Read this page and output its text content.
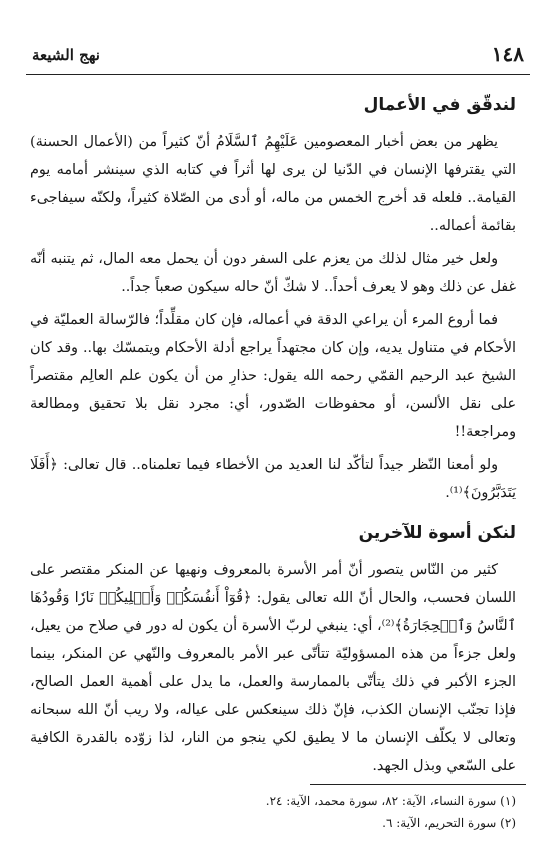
١٤٨
نهج الشيعة
لندقّق في الأعمال

يظهر من بعض أخبار المعصومين عَلَيْهِمُ ٱلسَّلَامُ أنّ كثيراً من (الأعمال الحسنة) التي يقترفها الإنسان في الدّنيا لن يرى لها أثراً في كتابه الذي سينشر أمامه يوم القيامة.. فلعله قد أخرج الخمس من ماله، أو أدى من الصّلاة كثيراً، ولكنّه سيفاجىء بقائمة أعماله..

ولعل خير مثال لذلك من يعزم على السفر دون أن يحمل معه المال، ثم يتنبه أنّه غفل عن ذلك وهو لا يعرف أحداً.. لا شكّ أنّ حاله سيكون صعباً جداً..

فما أروع المرء أن يراعي الدقة في أعماله، فإن كان مقلِّداً؛ فالرّسالة العمليّة في الأحكام في متناول يديه، وإن كان مجتهداً يراجع أدلة الأحكام ويتمسّك بها.. وقد كان الشيخ عبد الرحيم القمّي رحمه الله يقول: حذارِ من أن يكون علم العالِم مقتصراً على نقل الألسن، أو محفوظات الصّدور، أي: مجرد نقل بلا تحقيق ومطالعة ومراجعة!!

ولو أمعنا النّظر جيداً لتأكّد لنا العديد من الأخطاء فيما تعلمناه.. قال تعالى: ﴿أَفَلَا يَتَدَبَّرُونَ﴾⁽¹⁾.

لنكن أسوة للآخرين

كثير من النّاس يتصور أنّ أمر الأسرة بالمعروف ونهيها عن المنكر مقتصر على اللسان فحسب، والحال أنّ الله تعالى يقول: ﴿قُوٓاْ أَنفُسَكُمۡ وَأَهۡلِيكُمۡ نَارٗا وَقُودُهَا ٱلنَّاسُ وَٱلۡحِجَارَةُ﴾⁽²⁾، أي: ينبغي لربّ الأسرة أن يكون له دور في صلاح من يعيل، ولعل جزءاً من هذه المسؤوليّة تتأتّى عبر الأمر بالمعروف والنّهي عن المنكر، بينما الجزء الأكبر في ذلك يتأتّى بالممارسة والعمل، ما يدل على أهمية العمل الصالح، فإذا تجنّب الإنسان الكذب، فإنّ ذلك سينعكس على عياله، ولا ريب أنّ الله سبحانه وتعالى لا يكلّف الإنسان ما لا يطيق لكي ينجو من النار، لذا زوّده بالقدرة الكافية على السّعي وبذل الجهد.

(١) سورة النساء، الآية: ٨٢، سورة محمد، الآية: ٢٤.

(٢) سورة التحريم، الآية: ٦.
